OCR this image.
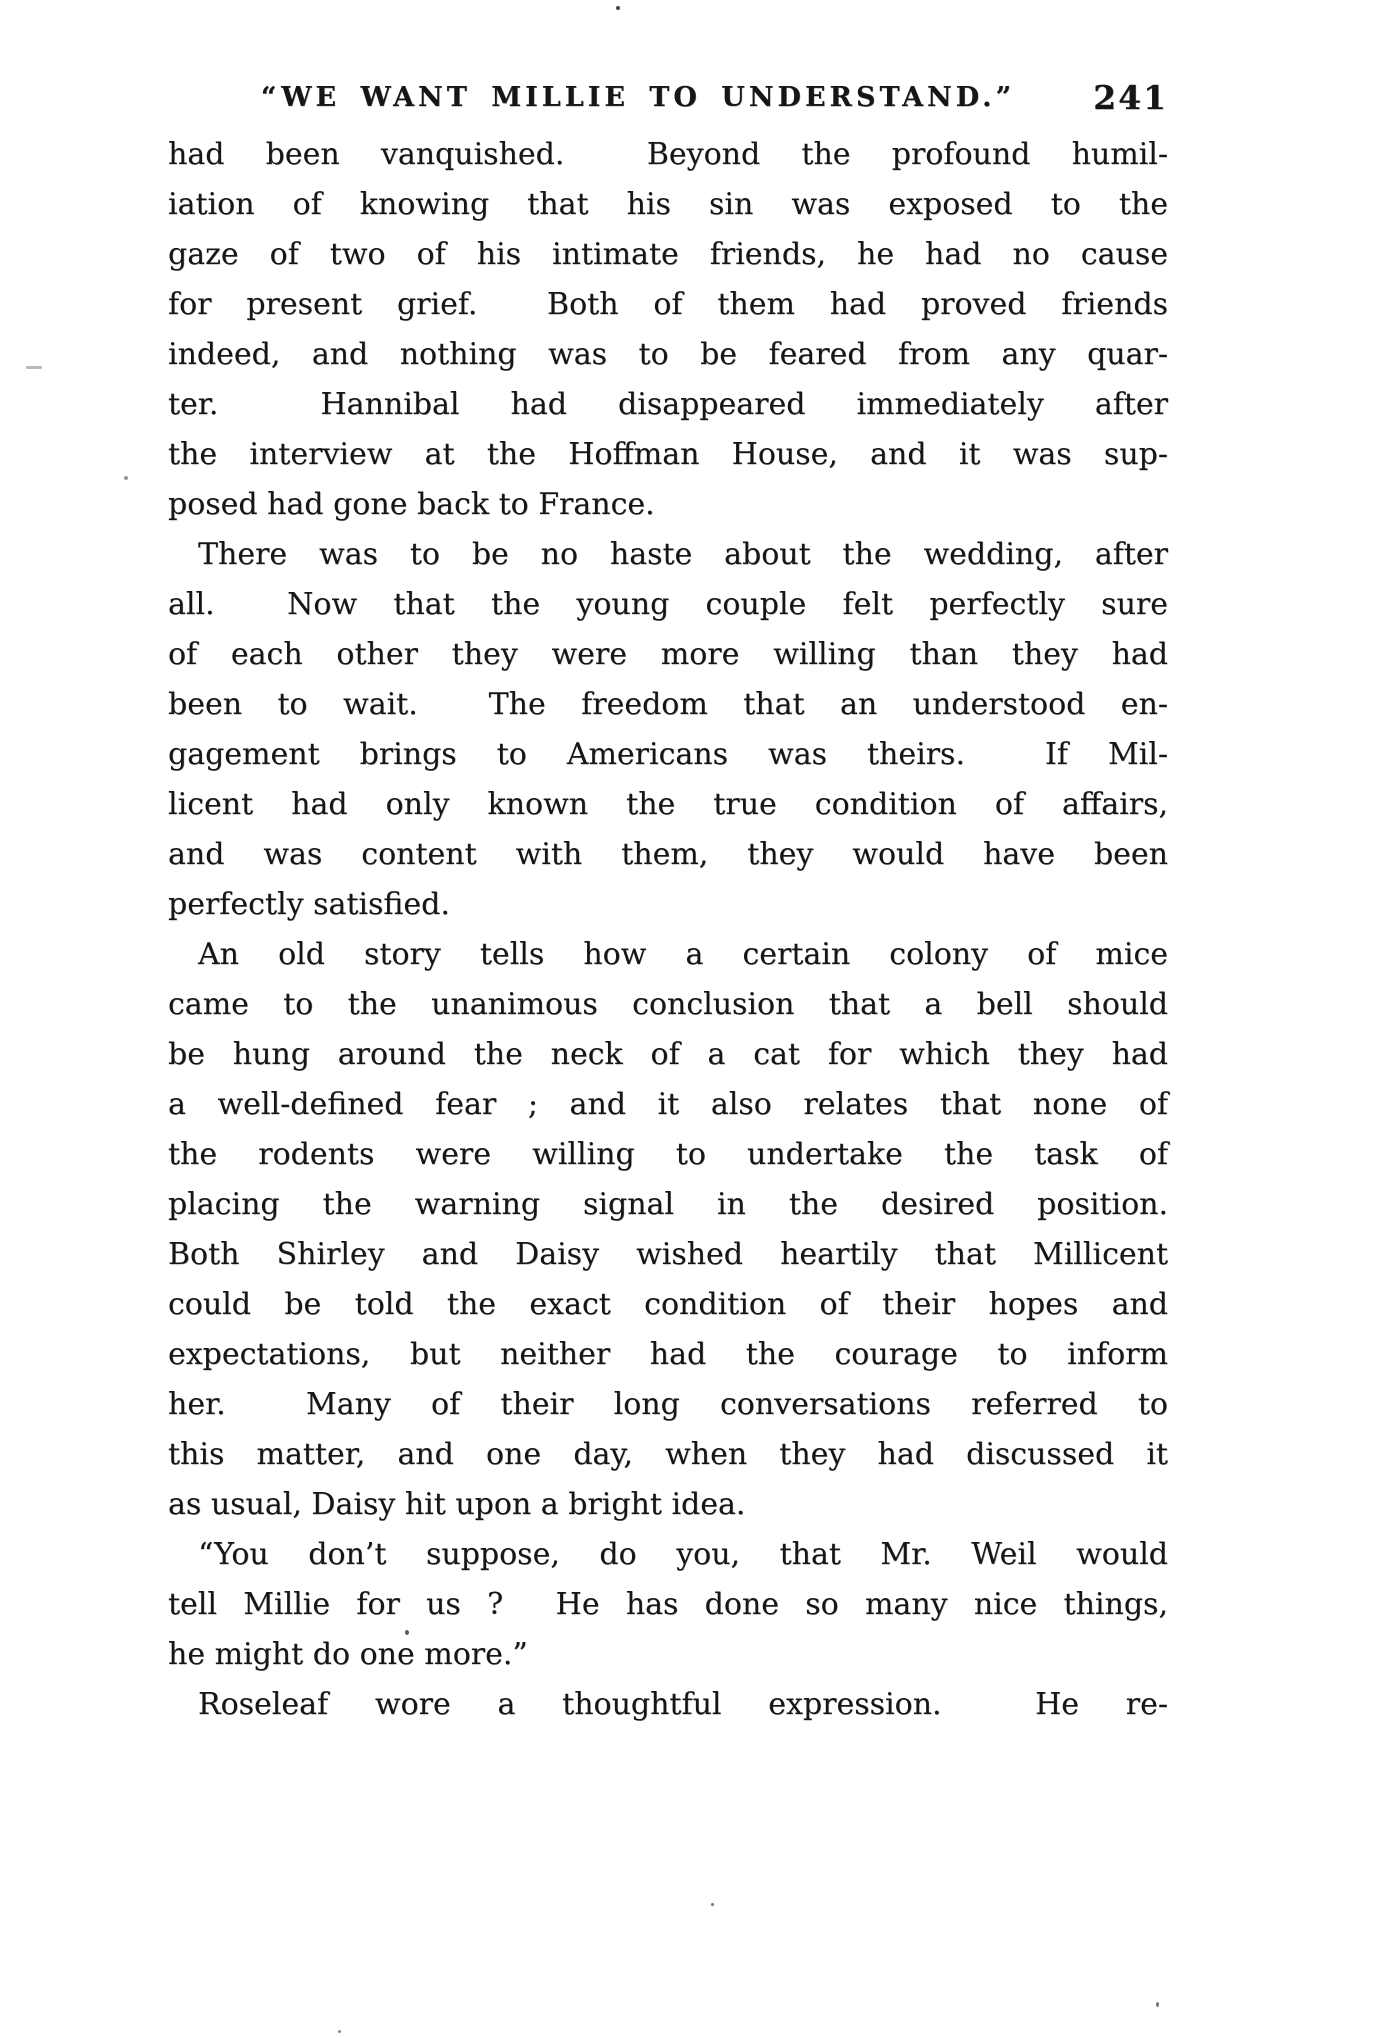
“WE WANT MILLIE TO UNDERSTAND.”	241
had been vanquished.  Beyond the profound humil-
iation of knowing that his sin was exposed to the
gaze of two of his intimate friends, he had no cause
for present grief.  Both of them had proved friends
indeed, and nothing was to be feared from any quar-
ter.  Hannibal had disappeared immediately after
the interview at the Hoffman House, and it was sup-
posed had gone back to France.
There was to be no haste about the wedding, after
all.  Now that the young couple felt perfectly sure
of each other they were more willing than they had
been to wait.  The freedom that an understood en-
gagement brings to Americans was theirs.  If Mil-
licent had only known the true condition of affairs,
and was content with them, they would have been
perfectly satisfied.
An old story tells how a certain colony of mice
came to the unanimous conclusion that a bell should
be hung around the neck of a cat for which they had
a well-defined fear ; and it also relates that none of
the rodents were willing to undertake the task of
placing the warning signal in the desired position.
Both Shirley and Daisy wished heartily that Millicent
could be told the exact condition of their hopes and
expectations, but neither had the courage to inform
her.  Many of their long conversations referred to
this matter, and one day, when they had discussed it
as usual, Daisy hit upon a bright idea.
“You don’t suppose, do you, that Mr. Weil would
tell Millie for us ?  He has done so many nice things,
he might do one more.”
Roseleaf wore a thoughtful expression.  He re-
